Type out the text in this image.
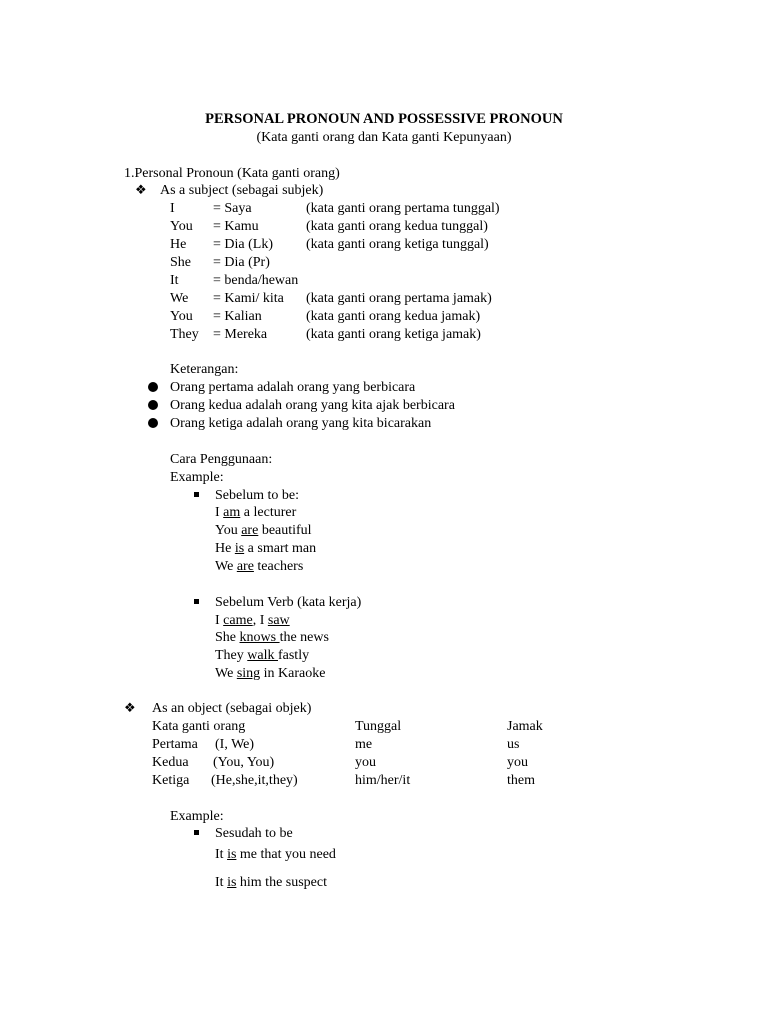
PERSONAL PRONOUN AND POSSESSIVE PRONOUN
(Kata ganti orang dan Kata ganti Kepunyaan)
1.Personal Pronoun (Kata ganti orang)
❖ As a subject (sebagai subjek)
I	= Saya	(kata ganti orang pertama tunggal)
You = Kamu	(kata ganti orang kedua tunggal)
He = Dia (Lk) (kata ganti orang ketiga tunggal)
She = Dia (Pr)
It = benda/hewan
We = Kami/ kita (kata ganti orang pertama jamak)
You = Kalian	(kata ganti orang kedua jamak)
They = Mereka	(kata ganti orang ketiga jamak)
Keterangan:
Orang pertama adalah orang yang berbicara
Orang kedua adalah orang yang kita ajak berbicara
Orang ketiga adalah orang yang kita bicarakan
Cara Penggunaan:
Example:
Sebelum to be:
I am a lecturer
You are beautiful
He is a smart man
We are teachers
Sebelum Verb (kata kerja)
I came, I saw
She knows the news
They walk fastly
We sing in Karaoke
❖ As an object (sebagai objek)
Kata ganti orang	Tunggal	Jamak
Pertama (I, We)	me	us
Kedua (You, You)	you	you
Ketiga (He,she,it,they)	him/her/it	them
Example:
Sesudah to be
It is me that you need
It is him the suspect
